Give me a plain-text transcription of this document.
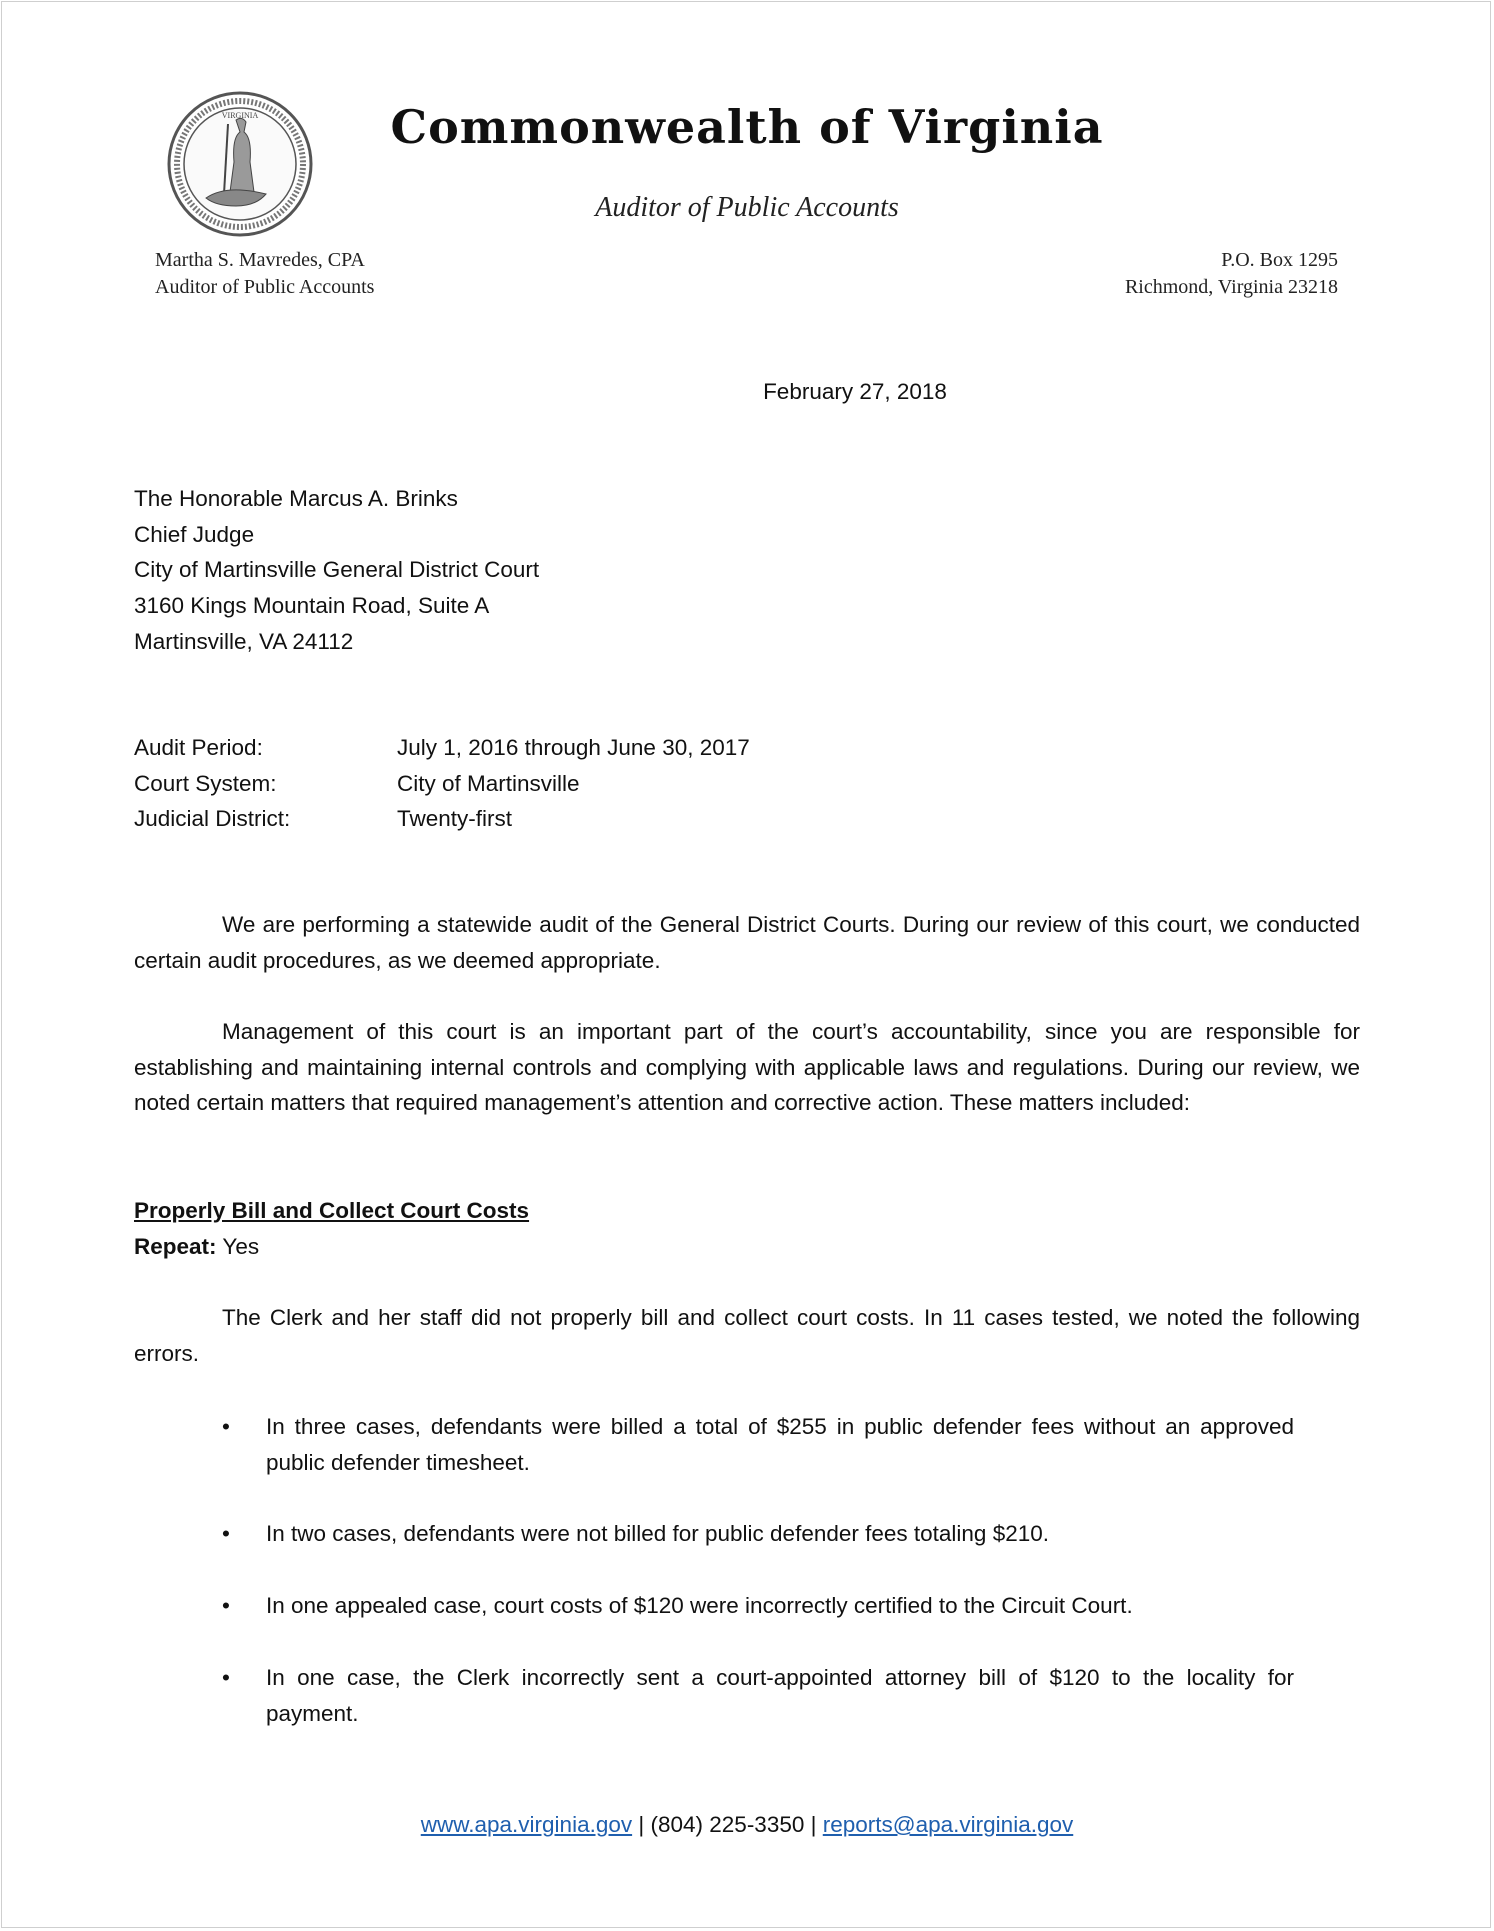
VIRGINIA	Commonwealth of Virginia
Auditor of Public Accounts
Martha S. Mavredes, CPA
Auditor of Public Accounts
P.O. Box 1295
Richmond, Virginia 23218
February 27, 2018
The Honorable Marcus A. Brinks
Chief Judge
City of Martinsville General District Court
3160 Kings Mountain Road, Suite A
Martinsville, VA 24112
Audit Period:	July 1, 2016 through June 30, 2017
Court System:	City of Martinsville
Judicial District:	Twenty-first
We are performing a statewide audit of the General District Courts. During our review of this court, we conducted certain audit procedures, as we deemed appropriate.
Management of this court is an important part of the court’s accountability, since you are responsible for establishing and maintaining internal controls and complying with applicable laws and regulations. During our review, we noted certain matters that required management’s attention and corrective action. These matters included:
Properly Bill and Collect Court Costs
Repeat: Yes
The Clerk and her staff did not properly bill and collect court costs. In 11 cases tested, we noted the following errors.
• In three cases, defendants were billed a total of $255 in public defender fees without an approved public defender timesheet.
• In two cases, defendants were not billed for public defender fees totaling $210.
• In one appealed case, court costs of $120 were incorrectly certified to the Circuit Court.
• In one case, the Clerk incorrectly sent a court-appointed attorney bill of $120 to the locality for payment.
www.apa.virginia.gov | (804) 225-3350 | reports@apa.virginia.gov
